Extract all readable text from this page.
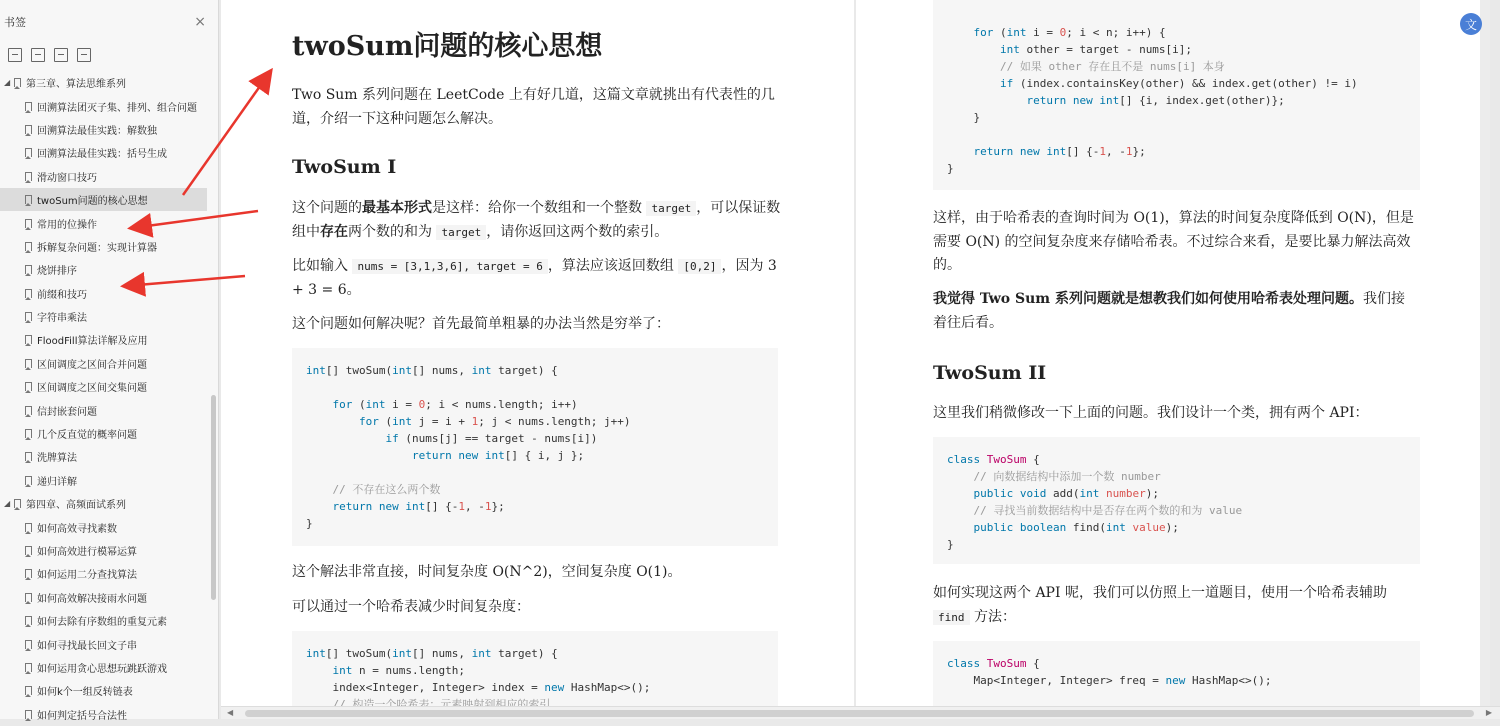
书签	×
◢	第三章、算法思维系列
回溯算法团灭子集、排列、组合问题
回溯算法最佳实践：解数独
回溯算法最佳实践：括号生成
滑动窗口技巧
twoSum问题的核心思想
常用的位操作
拆解复杂问题：实现计算器
烧饼排序
前缀和技巧
字符串乘法
FloodFill算法详解及应用
区间调度之区间合并问题
区间调度之区间交集问题
信封嵌套问题
几个反直觉的概率问题
洗牌算法
递归详解
◢	第四章、高频面试系列
如何高效寻找素数
如何高效进行模幂运算
如何运用二分查找算法
如何高效解决接雨水问题
如何去除有序数组的重复元素
如何寻找最长回文子串
如何运用贪心思想玩跳跃游戏
如何k个一组反转链表
如何判定括号合法性
twoSum问题的核心思想
Two Sum 系列问题在 LeetCode 上有好几道，这篇文章就挑出有代表性的几道，介绍一下这种问题怎么解决。
TwoSum I
这个问题的最基本形式是这样：给你一个数组和一个整数 target ，可以保证数组中存在两个数的和为 target ，请你返回这两个数的索引。
比如输入 nums = [3,1,3,6], target = 6 ，算法应该返回数组 [0,2] ，因为 3 + 3 = 6。
这个问题如何解决呢？首先最简单粗暴的办法当然是穷举了：
int[] twoSum(int[] nums, int target) {

for (int i = 0; i < nums.length; i++)
for (int j = i + 1; j < nums.length; j++)
if (nums[j] == target - nums[i])
return new int[] { i, j };

// 不存在这么两个数
return new int[] {-1, -1};
}
这个解法非常直接，时间复杂度 O(N^2)，空间复杂度 O(1)。
可以通过一个哈希表减少时间复杂度：
int[] twoSum(int[] nums, int target) {
int n = nums.length;
index<Integer, Integer> index = new HashMap<>();
// 构造一个哈希表：元素映射到相应的索引
for (int i = 0; i < n; i++) {
int other = target - nums[i];
// 如果 other 存在且不是 nums[i] 本身
if (index.containsKey(other) && index.get(other) != i)
return new int[] {i, index.get(other)};
}

return new int[] {-1, -1};
}
这样，由于哈希表的查询时间为 O(1)，算法的时间复杂度降低到 O(N)，但是需要 O(N) 的空间复杂度来存储哈希表。不过综合来看，是要比暴力解法高效的。
我觉得 Two Sum 系列问题就是想教我们如何使用哈希表处理问题。我们接着往后看。
TwoSum II
这里我们稍微修改一下上面的问题。我们设计一个类，拥有两个 API：
class TwoSum {
// 向数据结构中添加一个数 number
public void add(int number);
// 寻找当前数据结构中是否存在两个数的和为 value
public boolean find(int value);
}
如何实现这两个 API 呢，我们可以仿照上一道题目，使用一个哈希表辅助 find 方法：
class TwoSum {
Map<Integer, Integer> freq = new HashMap<>();
文
◀	▶
